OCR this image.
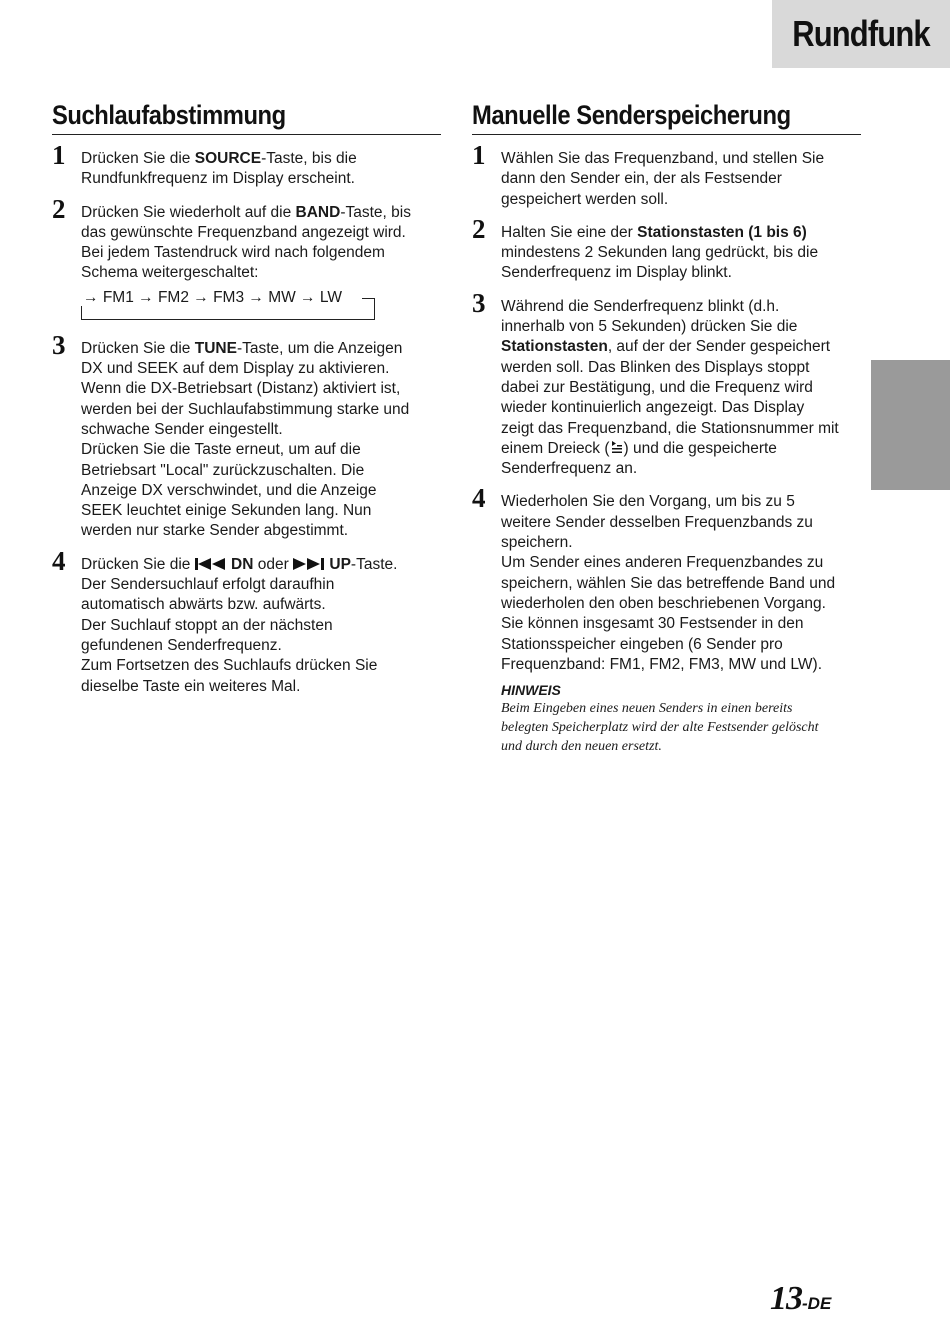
Rundfunk
Suchlaufabstimmung
1 Drücken Sie die SOURCE-Taste, bis die
Rundfunkfrequenz im Display erscheint.
2 Drücken Sie wiederholt auf die BAND-Taste, bis
das gewünschte Frequenzband angezeigt wird.
Bei jedem Tastendruck wird nach folgendem
Schema weitergeschaltet:
→ FM1 → FM2 → FM3 → MW → LW
3 Drücken Sie die TUNE-Taste, um die Anzeigen
DX und SEEK auf dem Display zu aktivieren.
Wenn die DX-Betriebsart (Distanz) aktiviert ist,
werden bei der Suchlaufabstimmung starke und
schwache Sender eingestellt.
Drücken Sie die Taste erneut, um auf die
Betriebsart "Local" zurückzuschalten. Die
Anzeige DX verschwindet, und die Anzeige
SEEK leuchtet einige Sekunden lang. Nun
werden nur starke Sender abgestimmt.
4 Drücken Sie die  DN oder  UP-Taste.
Der Sendersuchlauf erfolgt daraufhin
automatisch abwärts bzw. aufwärts.
Der Suchlauf stoppt an der nächsten
gefundenen Senderfrequenz.
Zum Fortsetzen des Suchlaufs drücken Sie
dieselbe Taste ein weiteres Mal.
Manuelle Senderspeicherung
1 Wählen Sie das Frequenzband, und stellen Sie
dann den Sender ein, der als Festsender
gespeichert werden soll.
2 Halten Sie eine der Stationstasten (1 bis 6)
mindestens 2 Sekunden lang gedrückt, bis die
Senderfrequenz im Display blinkt.
3 Während die Senderfrequenz blinkt (d.h.
innerhalb von 5 Sekunden) drücken Sie die
Stationstasten, auf der der Sender gespeichert
werden soll. Das Blinken des Displays stoppt
dabei zur Bestätigung, und die Frequenz wird
wieder kontinuierlich angezeigt. Das Display
zeigt das Frequenzband, die Stationsnummer mit
einem Dreieck ( ) und die gespeicherte
Senderfrequenz an.
4 Wiederholen Sie den Vorgang, um bis zu 5
weitere Sender desselben Frequenzbands zu
speichern.
Um Sender eines anderen Frequenzbandes zu
speichern, wählen Sie das betreffende Band und
wiederholen den oben beschriebenen Vorgang.
Sie können insgesamt 30 Festsender in den
Stationsspeicher eingeben (6 Sender pro
Frequenzband: FM1, FM2, FM3, MW und LW).
HINWEIS
Beim Eingeben eines neuen Senders in einen bereits
belegten Speicherplatz wird der alte Festsender gelöscht
und durch den neuen ersetzt.
13-DE
